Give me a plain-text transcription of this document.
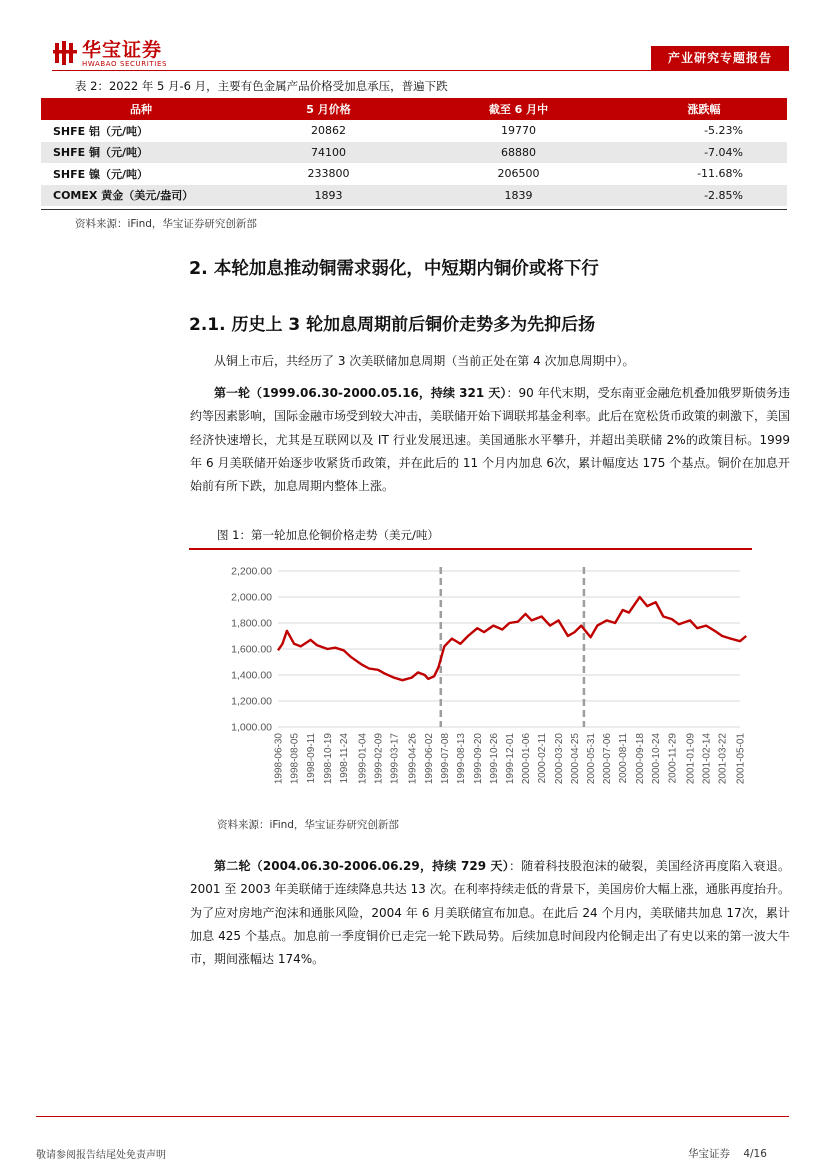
华宝证券
HWABAO SECURITIES	产业研究专题报告
表 2：2022 年 5 月-6 月，主要有色金属产品价格受加息承压，普遍下跌
品种	5 月价格	截至 6 月中	涨跌幅
SHFE 铝（元/吨）	20862	19770	-5.23%
SHFE 铜（元/吨）	74100	68880	-7.04%
SHFE 镍（元/吨）	233800	206500	-11.68%
COMEX 黄金（美元/盎司）	1893	1839	-2.85%
资料来源：iFind，华宝证券研究创新部
2. 本轮加息推动铜需求弱化，中短期内铜价或将下行
2.1. 历史上 3 轮加息周期前后铜价走势多为先抑后扬
从铜上市后，共经历了 3 次美联储加息周期（当前正处在第 4 次加息周期中）。
第一轮（1999.06.30-2000.05.16，持续 321 天）：90 年代末期，受东南亚金融危机叠加俄罗斯债务违约等因素影响，国际金融市场受到较大冲击，美联储开始下调联邦基金利率。此后在宽松货币政策的刺激下，美国经济快速增长，尤其是互联网以及 IT 行业发展迅速。美国通胀水平攀升，并超出美联储 2%的政策目标。1999 年 6 月美联储开始逐步收紧货币政策，并在此后的 11 个月内加息 6次，累计幅度达 175 个基点。铜价在加息开始前有所下跌，加息周期内整体上涨。
图 1：第一轮加息伦铜价格走势（美元/吨）
1,000.00
1,200.00
1,400.00
1,600.00
1,800.00
2,000.00
2,200.00
1998-06-30 1998-08-05 1998-09-11 1998-10-19 1998-11-24 1999-01-04 1999-02-09 1999-03-17 1999-04-26 1999-06-02 1999-07-08 1999-08-13 1999-09-20 1999-10-26 1999-12-01 2000-01-06 2000-02-11 2000-03-20 2000-04-25 2000-05-31 2000-07-06 2000-08-11 2000-09-18 2000-10-24 2000-11-29 2001-01-09 2001-02-14 2001-03-22 2001-05-01
资料来源：iFind，华宝证券研究创新部
第二轮（2004.06.30-2006.06.29，持续 729 天）：随着科技股泡沫的破裂，美国经济再度陷入衰退。2001 至 2003 年美联储于连续降息共达 13 次。在利率持续走低的背景下，美国房价大幅上涨，通胀再度抬升。为了应对房地产泡沫和通胀风险，2004 年 6 月美联储宣布加息。在此后 24 个月内，美联储共加息 17次，累计加息 425 个基点。加息前一季度铜价已走完一轮下跌局势。后续加息时间段内伦铜走出了有史以来的第一波大牛市，期间涨幅达 174%。
敬请参阅报告结尾处免责声明	华宝证券 4/16
